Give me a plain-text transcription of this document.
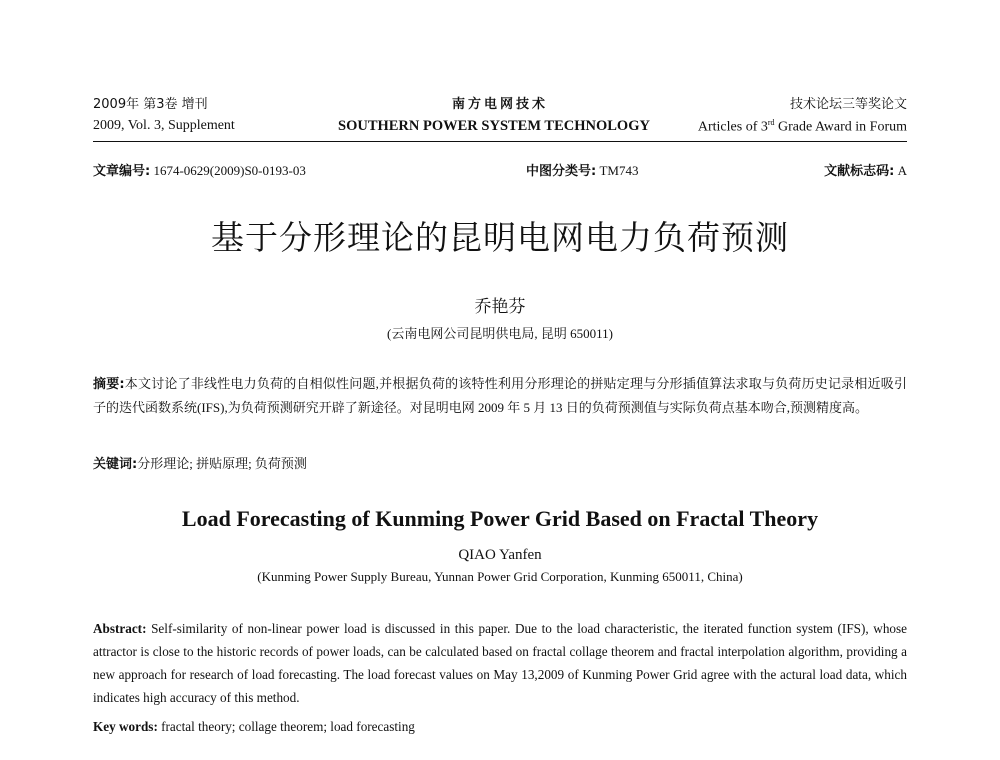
2009年 第3卷 增刊	南方电网技术	技术论坛三等奖论文
2009, Vol. 3, Supplement	Articles of 3rd Grade Award in Forum
SOUTHERN POWER SYSTEM TECHNOLOGY
文章编号: 1674-0629(2009)S0-0193-03	中图分类号: TM743	文献标志码: A
基于分形理论的昆明电网电力负荷预测
乔艳芬
(云南电网公司昆明供电局, 昆明 650011)
摘要:本文讨论了非线性电力负荷的自相似性问题,并根据负荷的该特性利用分形理论的拼贴定理与分形插值算法求取与负荷历史记录相近吸引子的迭代函数系统(IFS),为负荷预测研究开辟了新途径。对昆明电网 2009 年 5 月 13 日的负荷预测值与实际负荷点基本吻合,预测精度高。
关键词:分形理论; 拼贴原理; 负荷预测
Load Forecasting of Kunming Power Grid Based on Fractal Theory
QIAO Yanfen
(Kunming Power Supply Bureau, Yunnan Power Grid Corporation, Kunming 650011, China)
Abstract: Self-similarity of non-linear power load is discussed in this paper. Due to the load characteristic, the iterated function system (IFS), whose attractor is close to the historic records of power loads, can be calculated based on fractal collage theorem and fractal interpolation algorithm, providing a new approach for research of load forecasting. The load forecast values on May 13,2009 of Kunming Power Grid agree with the actural load data, which indicates high accuracy of this method.
Key words: fractal theory; collage theorem; load forecasting
